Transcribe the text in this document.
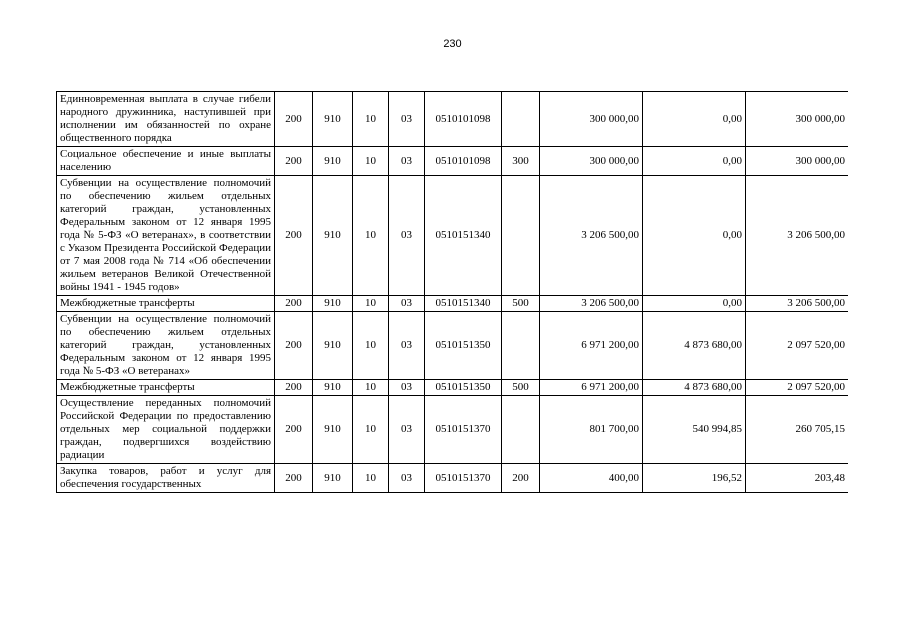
230
Единновременная выплата в случае гибели народного дружинника, наступившей при исполнении им обязанностей по охране общественного порядка	200	910	10	03	0510101098		300 000,00	0,00	300 000,00
Социальное обеспечение и иные выплаты населению	200	910	10	03	0510101098	300	300 000,00	0,00	300 000,00
Субвенции на осуществление полномочий по обеспечению жильем отдельных категорий граждан, установленных Федеральным законом от 12 января 1995 года № 5-ФЗ «О ветеранах», в соответствии с Указом Президента Российской Федерации от 7 мая 2008 года № 714 «Об обеспечении жильем ветеранов Великой Отечественной войны 1941 - 1945 годов»	200	910	10	03	0510151340		3 206 500,00	0,00	3 206 500,00
Межбюджетные трансферты	200	910	10	03	0510151340	500	3 206 500,00	0,00	3 206 500,00
Субвенции на осуществление полномочий по обеспечению жильем отдельных категорий граждан, установленных Федеральным законом от 12 января 1995 года № 5-ФЗ «О ветеранах»	200	910	10	03	0510151350		6 971 200,00	4 873 680,00	2 097 520,00
Межбюджетные трансферты	200	910	10	03	0510151350	500	6 971 200,00	4 873 680,00	2 097 520,00
Осуществление переданных полномочий Российской Федерации по предоставлению отдельных мер социальной поддержки граждан, подвергшихся воздействию радиации	200	910	10	03	0510151370		801 700,00	540 994,85	260 705,15
Закупка товаров, работ и услуг для обеспечения государственных	200	910	10	03	0510151370	200	400,00	196,52	203,48
